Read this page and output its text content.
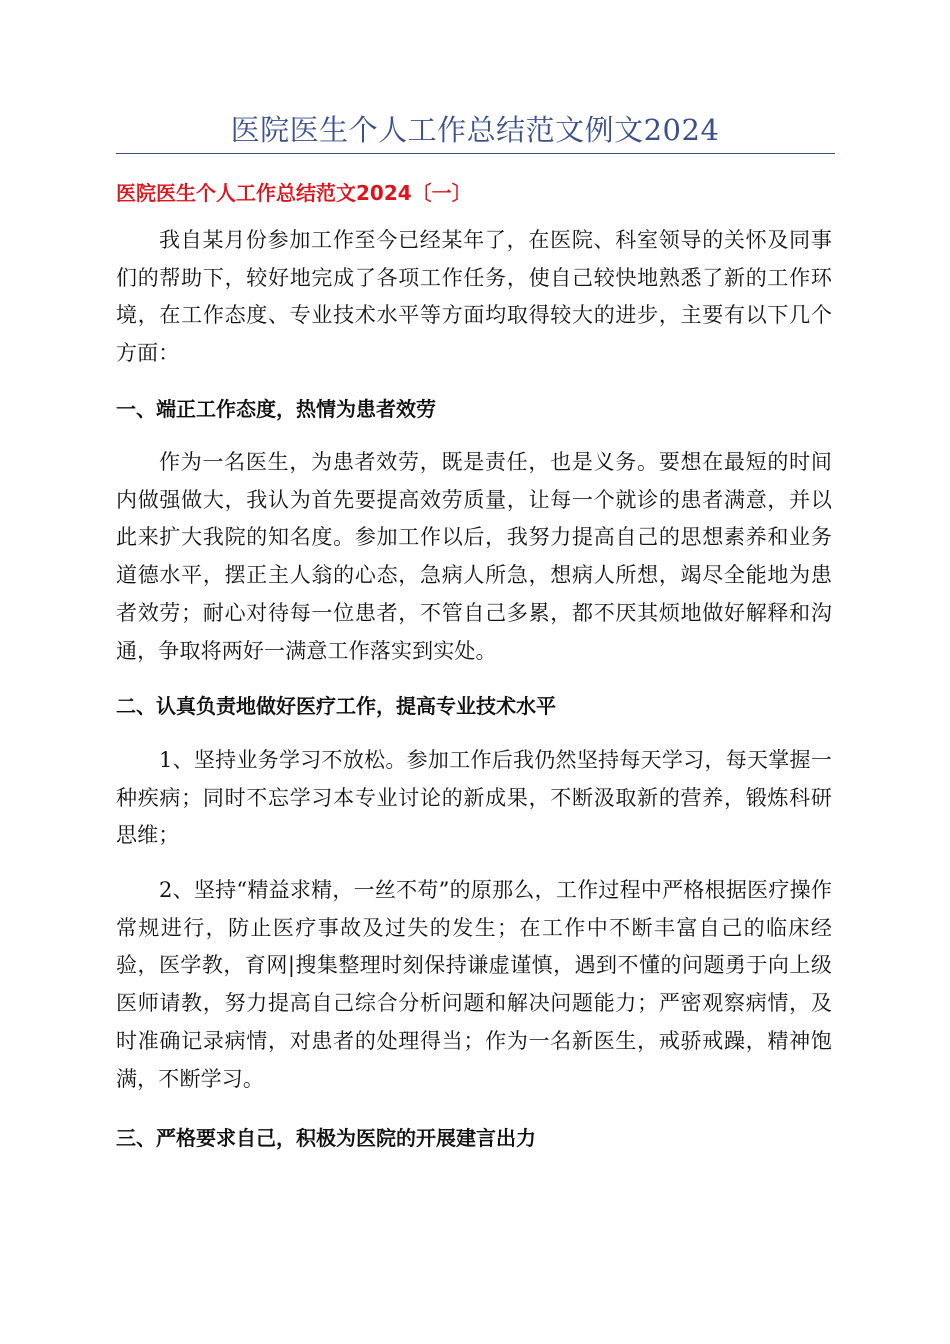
医院医生个人工作总结范文例文2024
医院医生个人工作总结范文2024〔一〕

我自某月份参加工作至今已经某年了，在医院、科室领导的关怀及同事们的帮助下，较好地完成了各项工作任务，使自己较快地熟悉了新的工作环境，在工作态度、专业技术水平等方面均取得较大的进步，主要有以下几个方面：

一、端正工作态度，热情为患者效劳

作为一名医生，为患者效劳，既是责任，也是义务。要想在最短的时间内做强做大，我认为首先要提高效劳质量，让每一个就诊的患者满意，并以此来扩大我院的知名度。参加工作以后，我努力提高自己的思想素养和业务道德水平，摆正主人翁的心态，急病人所急，想病人所想，竭尽全能地为患者效劳；耐心对待每一位患者，不管自己多累，都不厌其烦地做好解释和沟通，争取将两好一满意工作落实到实处。

二、认真负责地做好医疗工作，提高专业技术水平

1、坚持业务学习不放松。参加工作后我仍然坚持每天学习，每天掌握一种疾病；同时不忘学习本专业讨论的新成果，不断汲取新的营养，锻炼科研思维；

2、坚持“精益求精，一丝不苟”的原那么，工作过程中严格根据医疗操作常规进行，防止医疗事故及过失的发生；在工作中不断丰富自己的临床经验，医学教，育网|搜集整理时刻保持谦虚谨慎，遇到不懂的问题勇于向上级医师请教，努力提高自己综合分析问题和解决问题能力；严密观察病情，及时准确记录病情，对患者的处理得当；作为一名新医生，戒骄戒躁，精神饱满，不断学习。

三、严格要求自己，积极为医院的开展建言出力
